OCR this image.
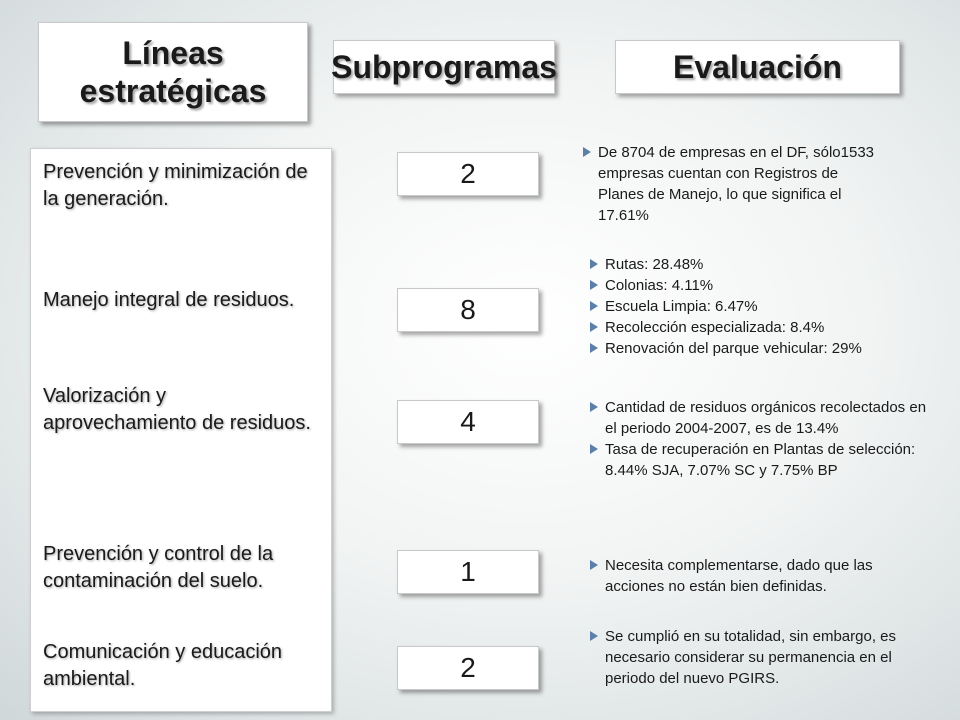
Líneas estratégicas
Subprogramas	Evaluación
Prevención y minimización de la generación.
Manejo integral de residuos.
Valorización y aprovechamiento de residuos.
Prevención y control de la contaminación del suelo.
Comunicación y educación ambiental.
2
8
4
1
2
De 8704 de empresas en el DF, sólo1533 empresas cuentan con Registros de Planes de Manejo, lo que significa el 17.61%
Rutas: 28.48%
Colonias: 4.11%
Escuela Limpia: 6.47%
Recolección especializada: 8.4%
Renovación del parque vehicular: 29%
Cantidad de residuos orgánicos recolectados en el periodo 2004-2007, es de 13.4%
Tasa de recuperación en Plantas de selección: 8.44% SJA, 7.07% SC y 7.75% BP
Necesita complementarse, dado que las acciones no están bien definidas.
Se cumplió en su totalidad, sin embargo, es necesario considerar su permanencia en el periodo del nuevo PGIRS.
